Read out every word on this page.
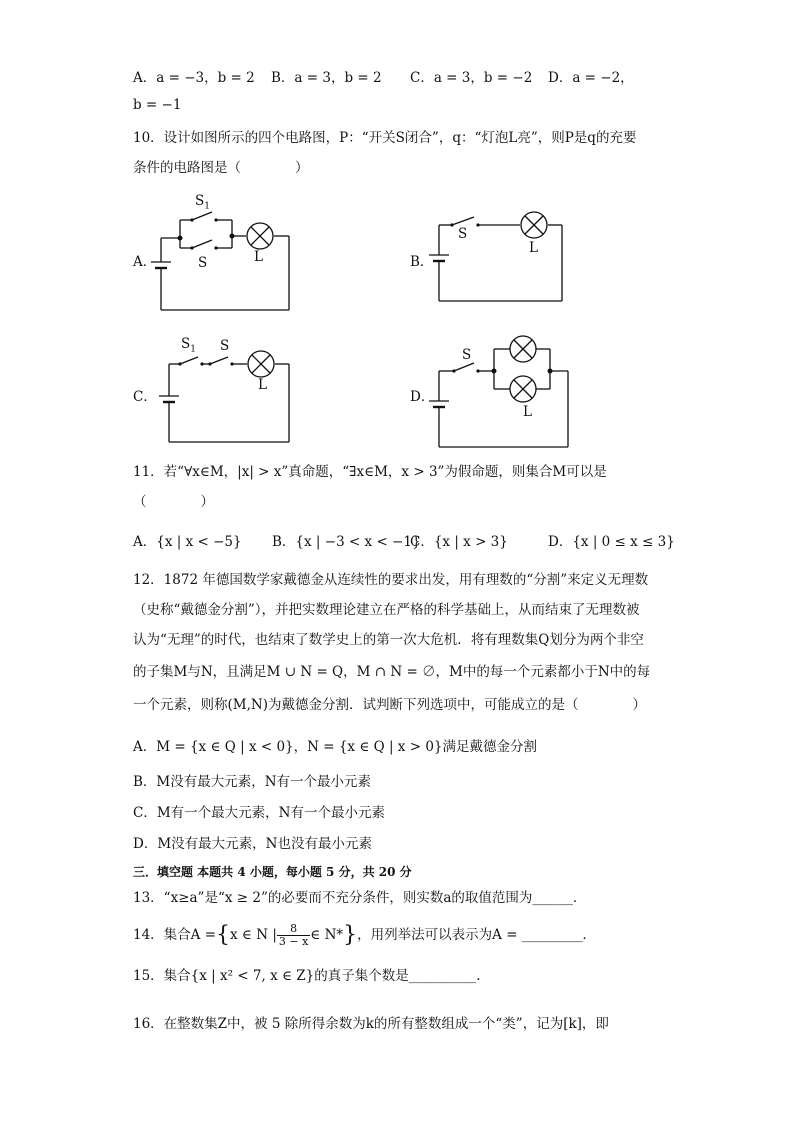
A．a = −3，b = 2 B．a = 3，b = 2 C．a = 3，b = −2 D．a = −2，
b = −1
10．设计如图所示的四个电路图，P：“开关S闭合”，q：“灯泡L亮”，则P是q的充要
条件的电路图是（　　　　）
A．
$S_1$
S	L	B．
S
L
C．
$S_1$ S
L
D．
S
L
11．若“∀x∈M，|x| > x”真命题，“∃x∈M，x > 3”为假命题，则集合M可以是
（　　　　）
A．{x | x < −5} B．{x | −3 < x < −1}
C．{x | x > 3}	D．{x | 0 ≤ x ≤ 3}
12．1872 年德国数学家戴德金从连续性的要求出发，用有理数的“分割”来定义无理数
（史称“戴德金分割”），并把实数理论建立在严格的科学基础上，从而结束了无理数被
认为“无理”的时代，也结束了数学史上的第一次大危机．将有理数集Q划分为两个非空
的子集M与N，且满足M ∪ N = Q，M ∩ N = ∅，M中的每一个元素都小于N中的每
一个元素，则称(M,N)为戴德金分割．试判断下列选项中，可能成立的是（　　　　）
A．M = {x ∈ Q | x < 0}，N = {x ∈ Q | x > 0}满足戴德金分割
B．M没有最大元素，N有一个最小元素
C．M有一个最大元素，N有一个最小元素
D．M没有最大元素，N也没有最小元素
三．填空题 本题共 4 小题，每小题 5 分，共 20 分
13．“x≥a”是“x ≥ 2”的必要而不充分条件，则实数a的取值范围为______．
14．集合A ={x ∈ N | $\frac{8}{3 - x}$ ∈ N*}，用列举法可以表示为A = _________．
15．集合{x | x² < 7, x ∈ Z}的真子集个数是__________.
16．在整数集Z中，被 5 除所得余数为k的所有整数组成一个“类”，记为[k]，即
